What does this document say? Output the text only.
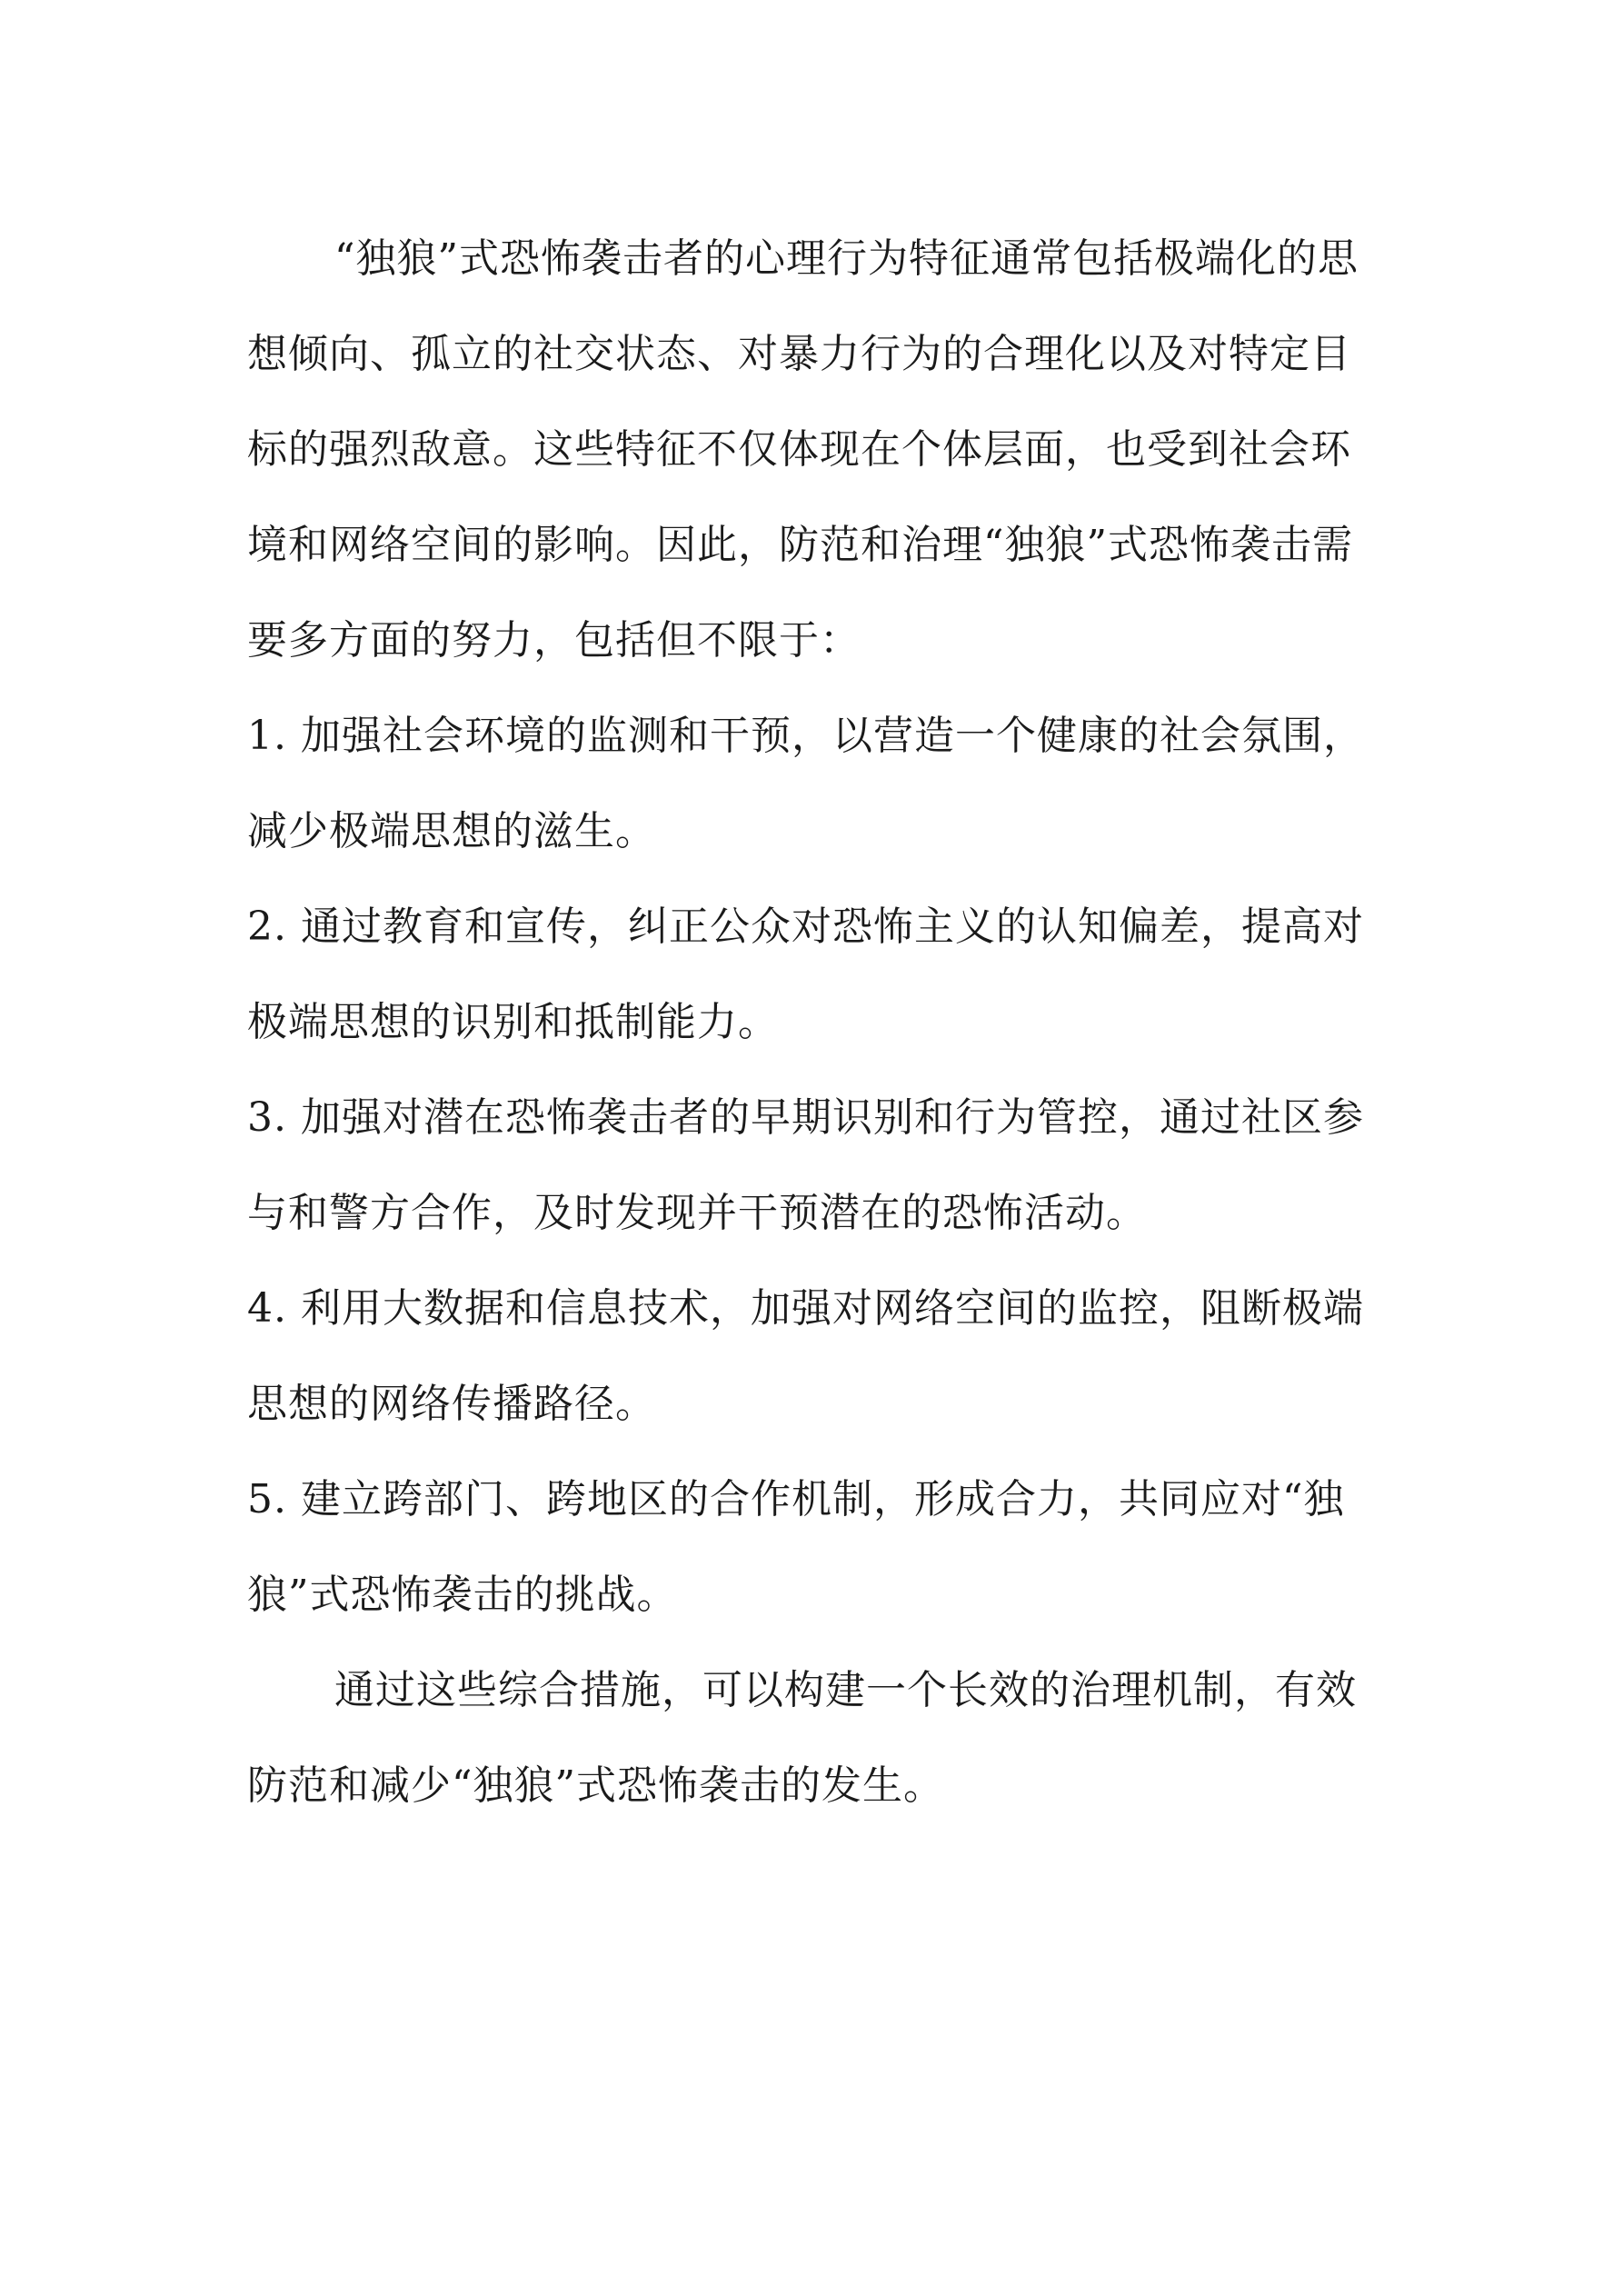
“独狼”式恐怖袭击者的心理行为特征通常包括极端化的思想倾向、孤立的社交状态、对暴力行为的合理化以及对特定目标的强烈敌意。这些特征不仅体现在个体层面，也受到社会环境和网络空间的影响。因此，防范和治理“独狼”式恐怖袭击需要多方面的努力，包括但不限于：

1. 加强社会环境的监测和干预，以营造一个健康的社会氛围，减少极端思想的滋生。

2. 通过教育和宣传，纠正公众对恐怖主义的认知偏差，提高对极端思想的识别和抵制能力。

3. 加强对潜在恐怖袭击者的早期识别和行为管控，通过社区参与和警方合作，及时发现并干预潜在的恐怖活动。

4. 利用大数据和信息技术，加强对网络空间的监控，阻断极端思想的网络传播路径。

5. 建立跨部门、跨地区的合作机制，形成合力，共同应对“独狼”式恐怖袭击的挑战。

通过这些综合措施，可以构建一个长效的治理机制，有效防范和减少“独狼”式恐怖袭击的发生。
